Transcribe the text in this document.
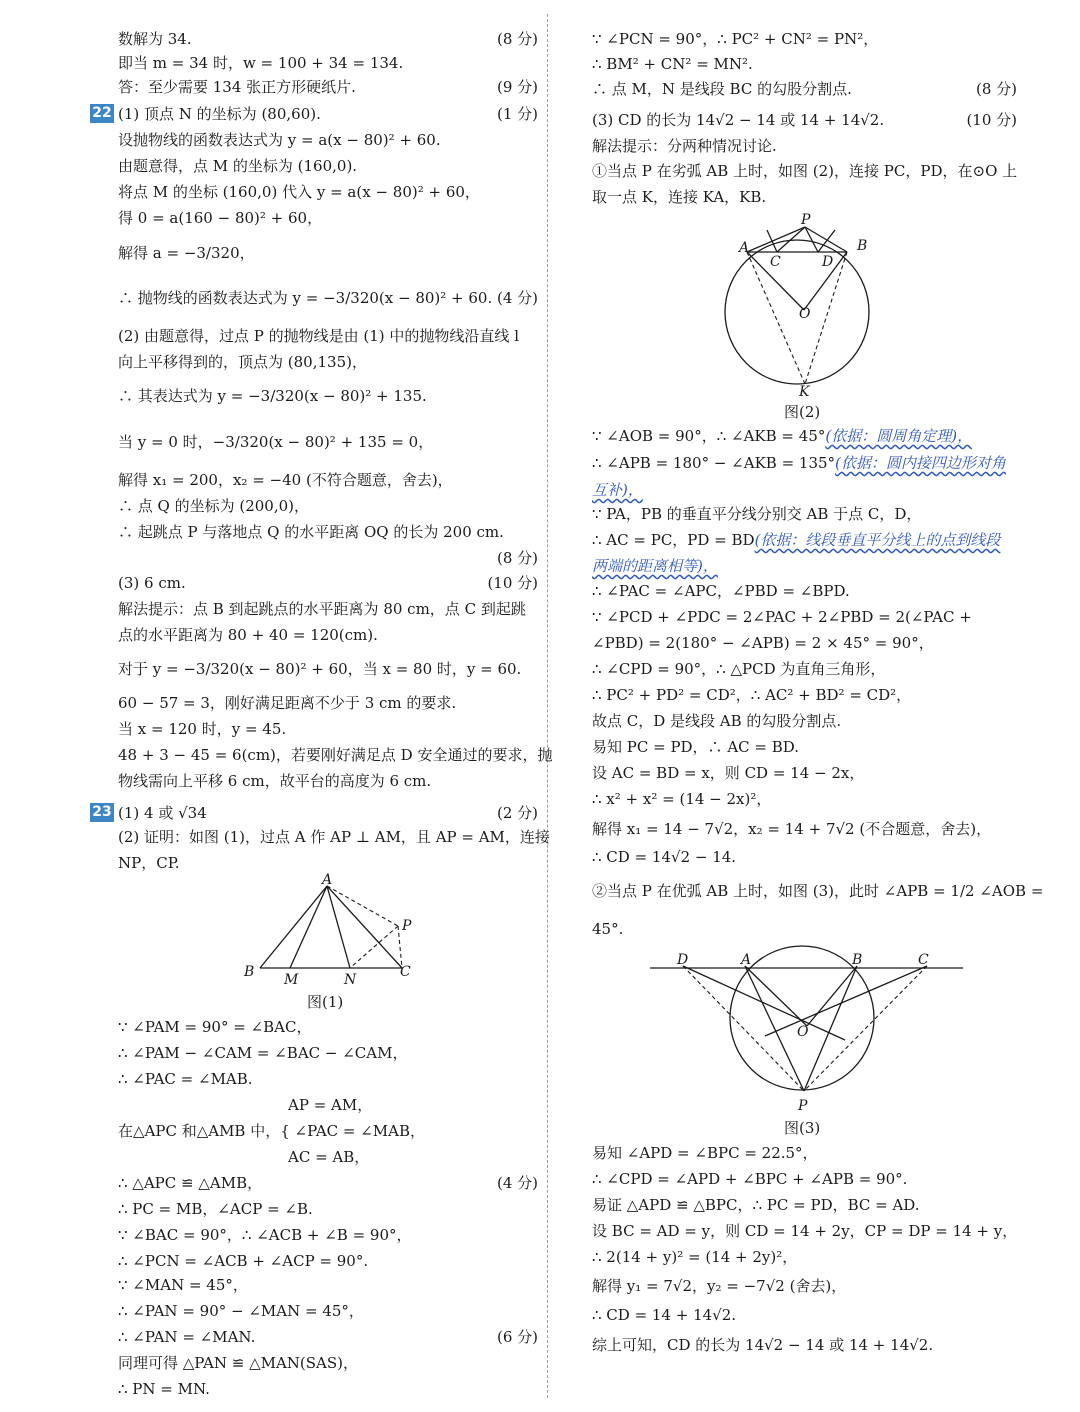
数解为 34.	(8 分)
即当 m = 34 时，w = 100 + 34 = 134.
答：至少需要 134 张正方形硬纸片.	(9 分)
22 (1) 顶点 N 的坐标为 (80,60).	(1 分)
设抛物线的函数表达式为 y = a(x − 80)² + 60.
由题意得，点 M 的坐标为 (160,0).
将点 M 的坐标 (160,0) 代入 y = a(x − 80)² + 60，
得 0 = a(160 − 80)² + 60，
解得 a = −3/320，
∴ 抛物线的函数表达式为 y = −3/320(x − 80)² + 60. (4 分)
(2) 由题意得，过点 P 的抛物线是由 (1) 中的抛物线沿直线 l
向上平移得到的，顶点为 (80,135)，
∴ 其表达式为 y = −3/320(x − 80)² + 135.
当 y = 0 时，−3/320(x − 80)² + 135 = 0，
解得 x₁ = 200，x₂ = −40 (不符合题意，舍去)，
∴ 点 Q 的坐标为 (200,0)，
∴ 起跳点 P 与落地点 Q 的水平距离 OQ 的长为 200 cm.
(8 分)
(3) 6 cm.	(10 分)
解法提示：点 B 到起跳点的水平距离为 80 cm，点 C 到起跳
点的水平距离为 80 + 40 = 120(cm).
对于 y = −3/320(x − 80)² + 60，当 x = 80 时，y = 60.
60 − 57 = 3，刚好满足距离不少于 3 cm 的要求.
当 x = 120 时，y = 45.
48 + 3 − 45 = 6(cm)，若要刚好满足点 D 安全通过的要求，抛
物线需向上平移 6 cm，故平台的高度为 6 cm.
23 (1) 4 或 √34	(2 分)
(2) 证明：如图 (1)，过点 A 作 AP ⊥ AM，且 AP = AM，连接
NP，CP.
∵ ∠PAM = 90° = ∠BAC，
∴ ∠PAM − ∠CAM = ∠BAC − ∠CAM，
∴ ∠PAC = ∠MAB.
AP = AM，
在△APC 和△AMB 中，{ ∠PAC = ∠MAB，
AC = AB，
∴ △APC ≌ △AMB，	(4 分)
∴ PC = MB，∠ACP = ∠B.
∵ ∠BAC = 90°，∴ ∠ACB + ∠B = 90°，
∴ ∠PCN = ∠ACB + ∠ACP = 90°.
∵ ∠MAN = 45°，
∴ ∠PAN = 90° − ∠MAN = 45°，
∴ ∠PAN = ∠MAN.	(6 分)
同理可得 △PAN ≌ △MAN(SAS)，
∴ PN = MN.
∵ ∠PCN = 90°，∴ PC² + CN² = PN²，
∴ BM² + CN² = MN².
∴ 点 M，N 是线段 BC 的勾股分割点.	(8 分)
(3) CD 的长为 14√2 − 14 或 14 + 14√2.	(10 分)
解法提示：分两种情况讨论.
①当点 P 在劣弧 AB 上时，如图 (2)，连接 PC，PD，在⊙O 上
取一点 K，连接 KA，KB.
∵ ∠AOB = 90°，∴ ∠AKB = 45°(依据：圆周角定理)，
∴ ∠APB = 180° − ∠AKB = 135°(依据：圆内接四边形对角
互补)，
∵ PA，PB 的垂直平分线分别交 AB 于点 C，D，
∴ AC = PC，PD = BD(依据：线段垂直平分线上的点到线段
两端的距离相等)，
∴ ∠PAC = ∠APC，∠PBD = ∠BPD.
∵ ∠PCD + ∠PDC = 2∠PAC + 2∠PBD = 2(∠PAC +
∠PBD) = 2(180° − ∠APB) = 2 × 45° = 90°，
∴ ∠CPD = 90°，∴ △PCD 为直角三角形，
∴ PC² + PD² = CD²，∴ AC² + BD² = CD²，
故点 C，D 是线段 AB 的勾股分割点.
易知 PC = PD，∴ AC = BD.
设 AC = BD = x，则 CD = 14 − 2x，
∴ x² + x² = (14 − 2x)²，
解得 x₁ = 14 − 7√2，x₂ = 14 + 7√2 (不合题意，舍去)，
∴ CD = 14√2 − 14.
②当点 P 在优弧 AB 上时，如图 (3)，此时 ∠APB = 1/2 ∠AOB =
45°.
易知 ∠APD = ∠BPC = 22.5°，
∴ ∠CPD = ∠APD + ∠BPC + ∠APB = 90°.
易证 △APD ≌ △BPC，∴ PC = PD，BC = AD.
设 BC = AD = y，则 CD = 14 + 2y，CP = DP = 14 + y，
∴ 2(14 + y)² = (14 + 2y)²，
解得 y₁ = 7√2，y₂ = −7√2 (舍去)，
∴ CD = 14 + 14√2.
综上可知，CD 的长为 14√2 − 14 或 14 + 14√2.
A
P
B M	N	C
图(1)
P
A	B
C	D
O
K
图(2)
D	A	B	C
O
P
图(3)
